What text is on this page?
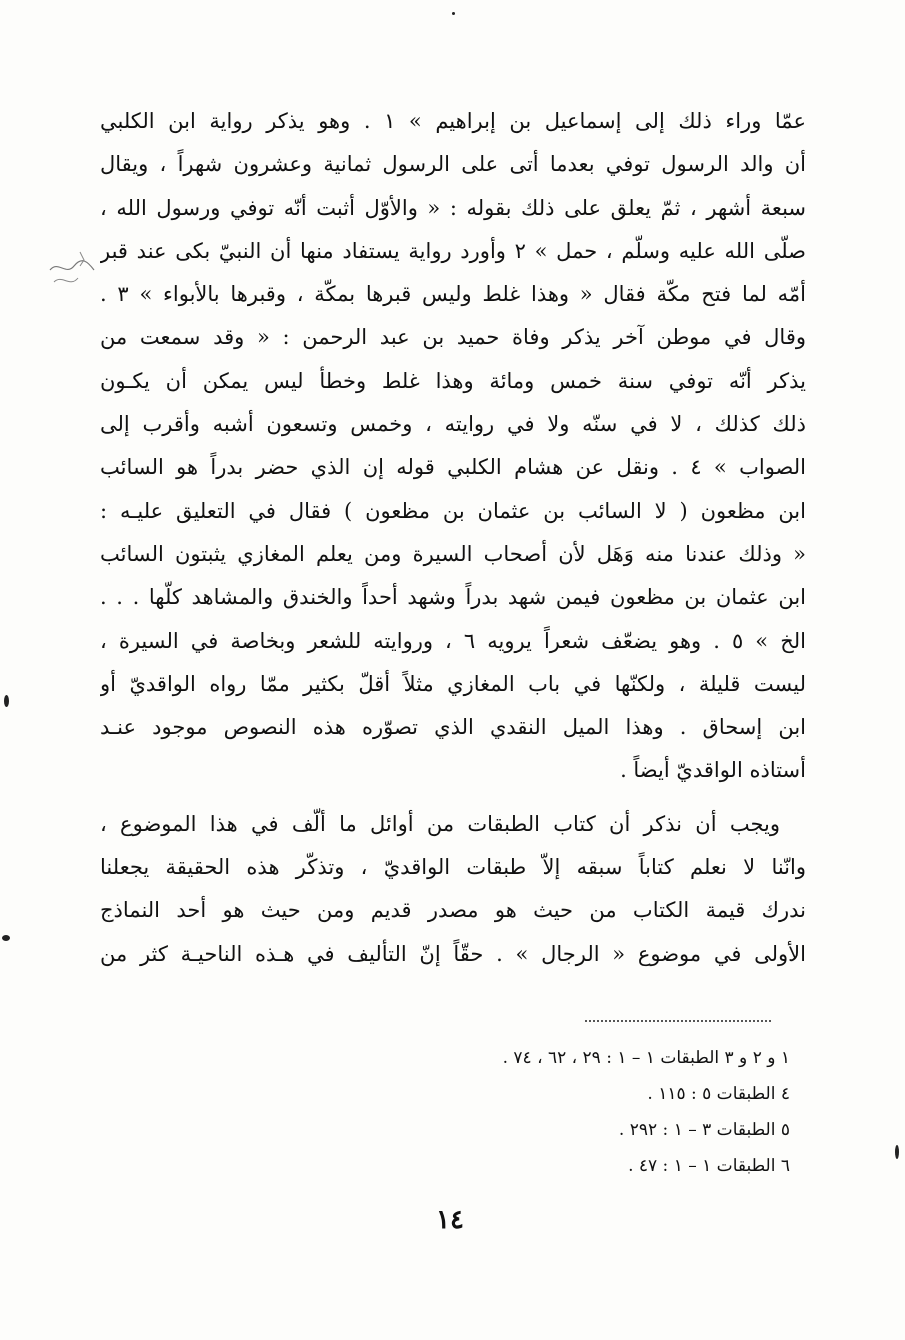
عمّا وراء ذلك إلى إسماعيل بن إبراهيم » ١ . وهو يذكر رواية ابن الكلبي
أن والد الرسول توفي بعدما أتى على الرسول ثمانية وعشرون شهراً ، ويقال
سبعة أشهر ، ثمّ يعلق على ذلك بقوله : « والأوّل أثبت أنّه توفي ورسول الله ،
صلّى الله عليه وسلّم ، حمل » ٢ وأورد رواية يستفاد منها أن النبيّ بكى عند قبر
أمّه لما فتح مكّة فقال « وهذا غلط وليس قبرها بمكّة ، وقبرها بالأبواء » ٣ .
وقال في موطن آخر يذكر وفاة حميد بن عبد الرحمن : « وقد سمعت من
يذكر أنّه توفي سنة خمس ومائة وهذا غلط وخطأ ليس يمكن أن يكـون
ذلك كذلك ، لا في سنّه ولا في روايته ، وخمس وتسعون أشبه وأقرب إلى
الصواب » ٤ . ونقل عن هشام الكلبي قوله إن الذي حضر بدراً هو السائب
ابن مظعون ( لا السائب بن عثمان بن مظعون ) فقال في التعليق عليـه :
« وذلك عندنا منه وَهَل لأن أصحاب السيرة ومن يعلم المغازي يثبتون السائب
ابن عثمان بن مظعون فيمن شهد بدراً وشهد أحداً والخندق والمشاهد كلّها . . .
الخ » ٥ . وهو يضعّف شعراً يرويه ٦ ، وروايته للشعر وبخاصة في السيرة ،
ليست قليلة ، ولكنّها في باب المغازي مثلاً أقلّ بكثير ممّا رواه الواقديّ أو
ابن إسحاق . وهذا الميل النقدي الذي تصوّره هذه النصوص موجود عنـد
أستاذه الواقديّ أيضاً .
ويجب أن نذكر أن كتاب الطبقات من أوائل ما ألّف في هذا الموضوع ،
وانّنا لا نعلم كتاباً سبقه إلاّ طبقات الواقديّ ، وتذكّر هذه الحقيقة يجعلنا
ندرك قيمة الكتاب من حيث هو مصدر قديم ومن حيث هو أحد النماذج
الأولى في موضوع « الرجال » . حقّاً إنّ التأليف في هـذه الناحيـة كثر من
١ و ٢ و ٣ الطبقات ١ – ١ : ٢٩ ، ٦٢ ، ٧٤ .
٤ الطبقات ٥ : ١١٥ .
٥ الطبقات ٣ – ١ : ٢٩٢ .
٦ الطبقات ١ – ١ : ٤٧ .
١٤
